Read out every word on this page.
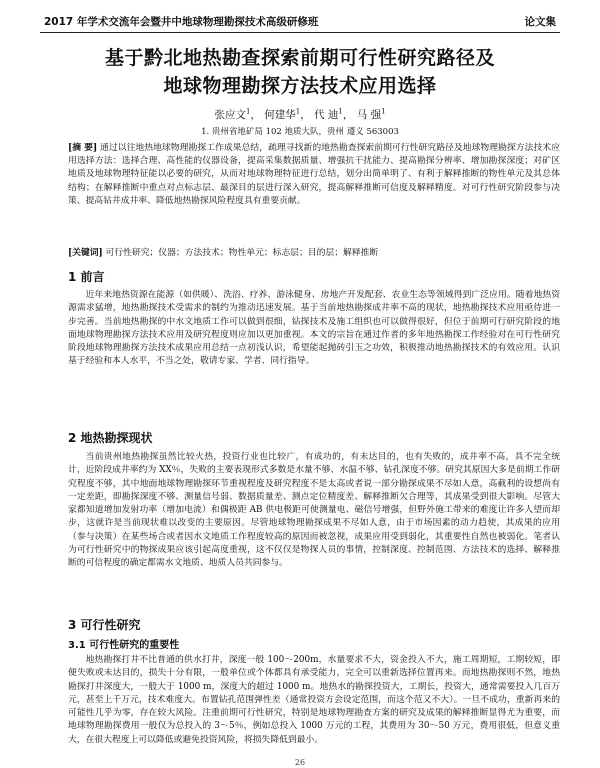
2017 年学术交流年会暨井中地球物理勘探技术高级研修班	论文集
基于黔北地热勘查探索前期可行性研究路径及
地球物理勘探方法技术应用选择
张应文$^1$， 何建华$^1$， 代 迪$^1$， 马 强$^1$
1. 贵州省地矿局 102 地质大队，贵州 遵义 563003
[摘 要] 通过以往地热地球物理勘探工作成果总结，疏理寻找新的地热勘查探索前期可行性研究路径及地球物理勘探方法技术应用选择方法：选择合理、高性能的仪器设备，提高采集数据质量、增强抗干扰能力、提高勘探分辨率、增加勘探深度；对矿区地质及地球物理特征能以必要的研究，从而对地球物理特征进行总结，划分出简单明了、有利于解释推断的物性单元及其总体结构；在解释推断中重点对点标志层、最深目的层进行深入研究，提高解释推断可信度及解释精度。对可行性研究阶段参与决策、提高钻井成井率、降低地热勘探风险程度具有重要贡献。
[关键词] 可行性研究；仪器；方法技术；物性单元；标志层；目的层；解释推断
1 前言
近年来地热资源在能源（如供暖）、洗浴、疗养、游泳健身、房地产开发配套、农业生态等领域得到广泛应用。随着地热资源需求猛增，地热勘探技术受需求的制约为推动迅速发展。基于当前地热勘探成井率不高的现状，地热勘探技术应用亟待进一步完善。当前地热勘探的中水文地质工作可以做到很细，钻探技术及施工组织也可以做得很好，但位于前期可行研究阶段的地面地球物理勘探方法技术应用及研究程度则应加以更加重视。本文的宗旨在通过作者的多年地热勘探工作经验对在可行性研究阶段地球物理勘探方法技术成果应用总结一点初浅认识，希望能起抛砖引玉之功效，积极推动地热勘探技术的有效应用。认识基于经验和本人水平，不当之处，敬请专家、学者、同行指导。
2 地热勘探现状
当前贵州地热勘探虽然比较火热，投资行业也比较广，有成功的，有未达目的，也有失败的，成井率不高，具不完全统计，近阶段成井率约为 XX％，失败的主要表现形式多数是水量不够、水温不够、钻孔深度不够。研究其原因大多是前期工作研究程度不够，其中地面地球物理勘探环节重视程度及研究程度不是太高或者说一部分勘探成果不尽如人意，高截利的设想尚有一定差距，即勘探深度不够、测量信号弱、数据质量差、测点定位精度差、解释推断欠合理等，其成果受到很大影响。尽管大家都知道增加发射功率（增加电流）和偶极距 AB 供电极距可使测量电、磁信号增强，但野外施工带来的难度让许多人望而却步，这就许是当前现状难以改变的主要原因。尽管地球物理勘探成果不尽如人意，由于市场因素的动力趋使，其成果的应用（参与决策）在某些场合或者因水文地质工作程度较高的原因而被忽视，成果应用受到弱化，其重要性自然也被弱化。笔者认为可行性研究中的物探成果应该引起高度重视，这不仅仅是物探人员的事情，控制深度、控制范围、方法技术的选择、解释推断的可信程度的确定都需水文地质、地质人员共同参与。
3 可行性研究
3.1 可行性研究的重要性
地热勘探打井不比普通的供水打井，深度一般 100～200m，水量要求不大，资金投入不大，施工周期短，工期较短，即便失败或未达目的，损失十分有限，一般单位或个体都具有承受能力，完全可以重新选择位置再来。而地热勘探则不然，地热勘探打井深度大，一般大于 1000 m，深度大的超过 1000 m。地热水的勘探投资大，工期长，投资大，通常需要投入几百万元，甚至上千万元，技术难度大。布置钻孔范围弹性差（通常投资方会设定范围，而这个范又不大）。一旦不成功，重新再来的可能性几乎为零，存在较大风险。注重前期可行性研究，特别是地球物理勘查方案的研究及成果的解释推断显得尤为重要，而地球物理勘探费用一般仅为总投入的 3～5％，例如总投入 1000 万元的工程，其费用为 30～50 万元，费用很低，但意义重大，在很大程度上可以降低或避免投资风险，将损失降低到最小。
26
